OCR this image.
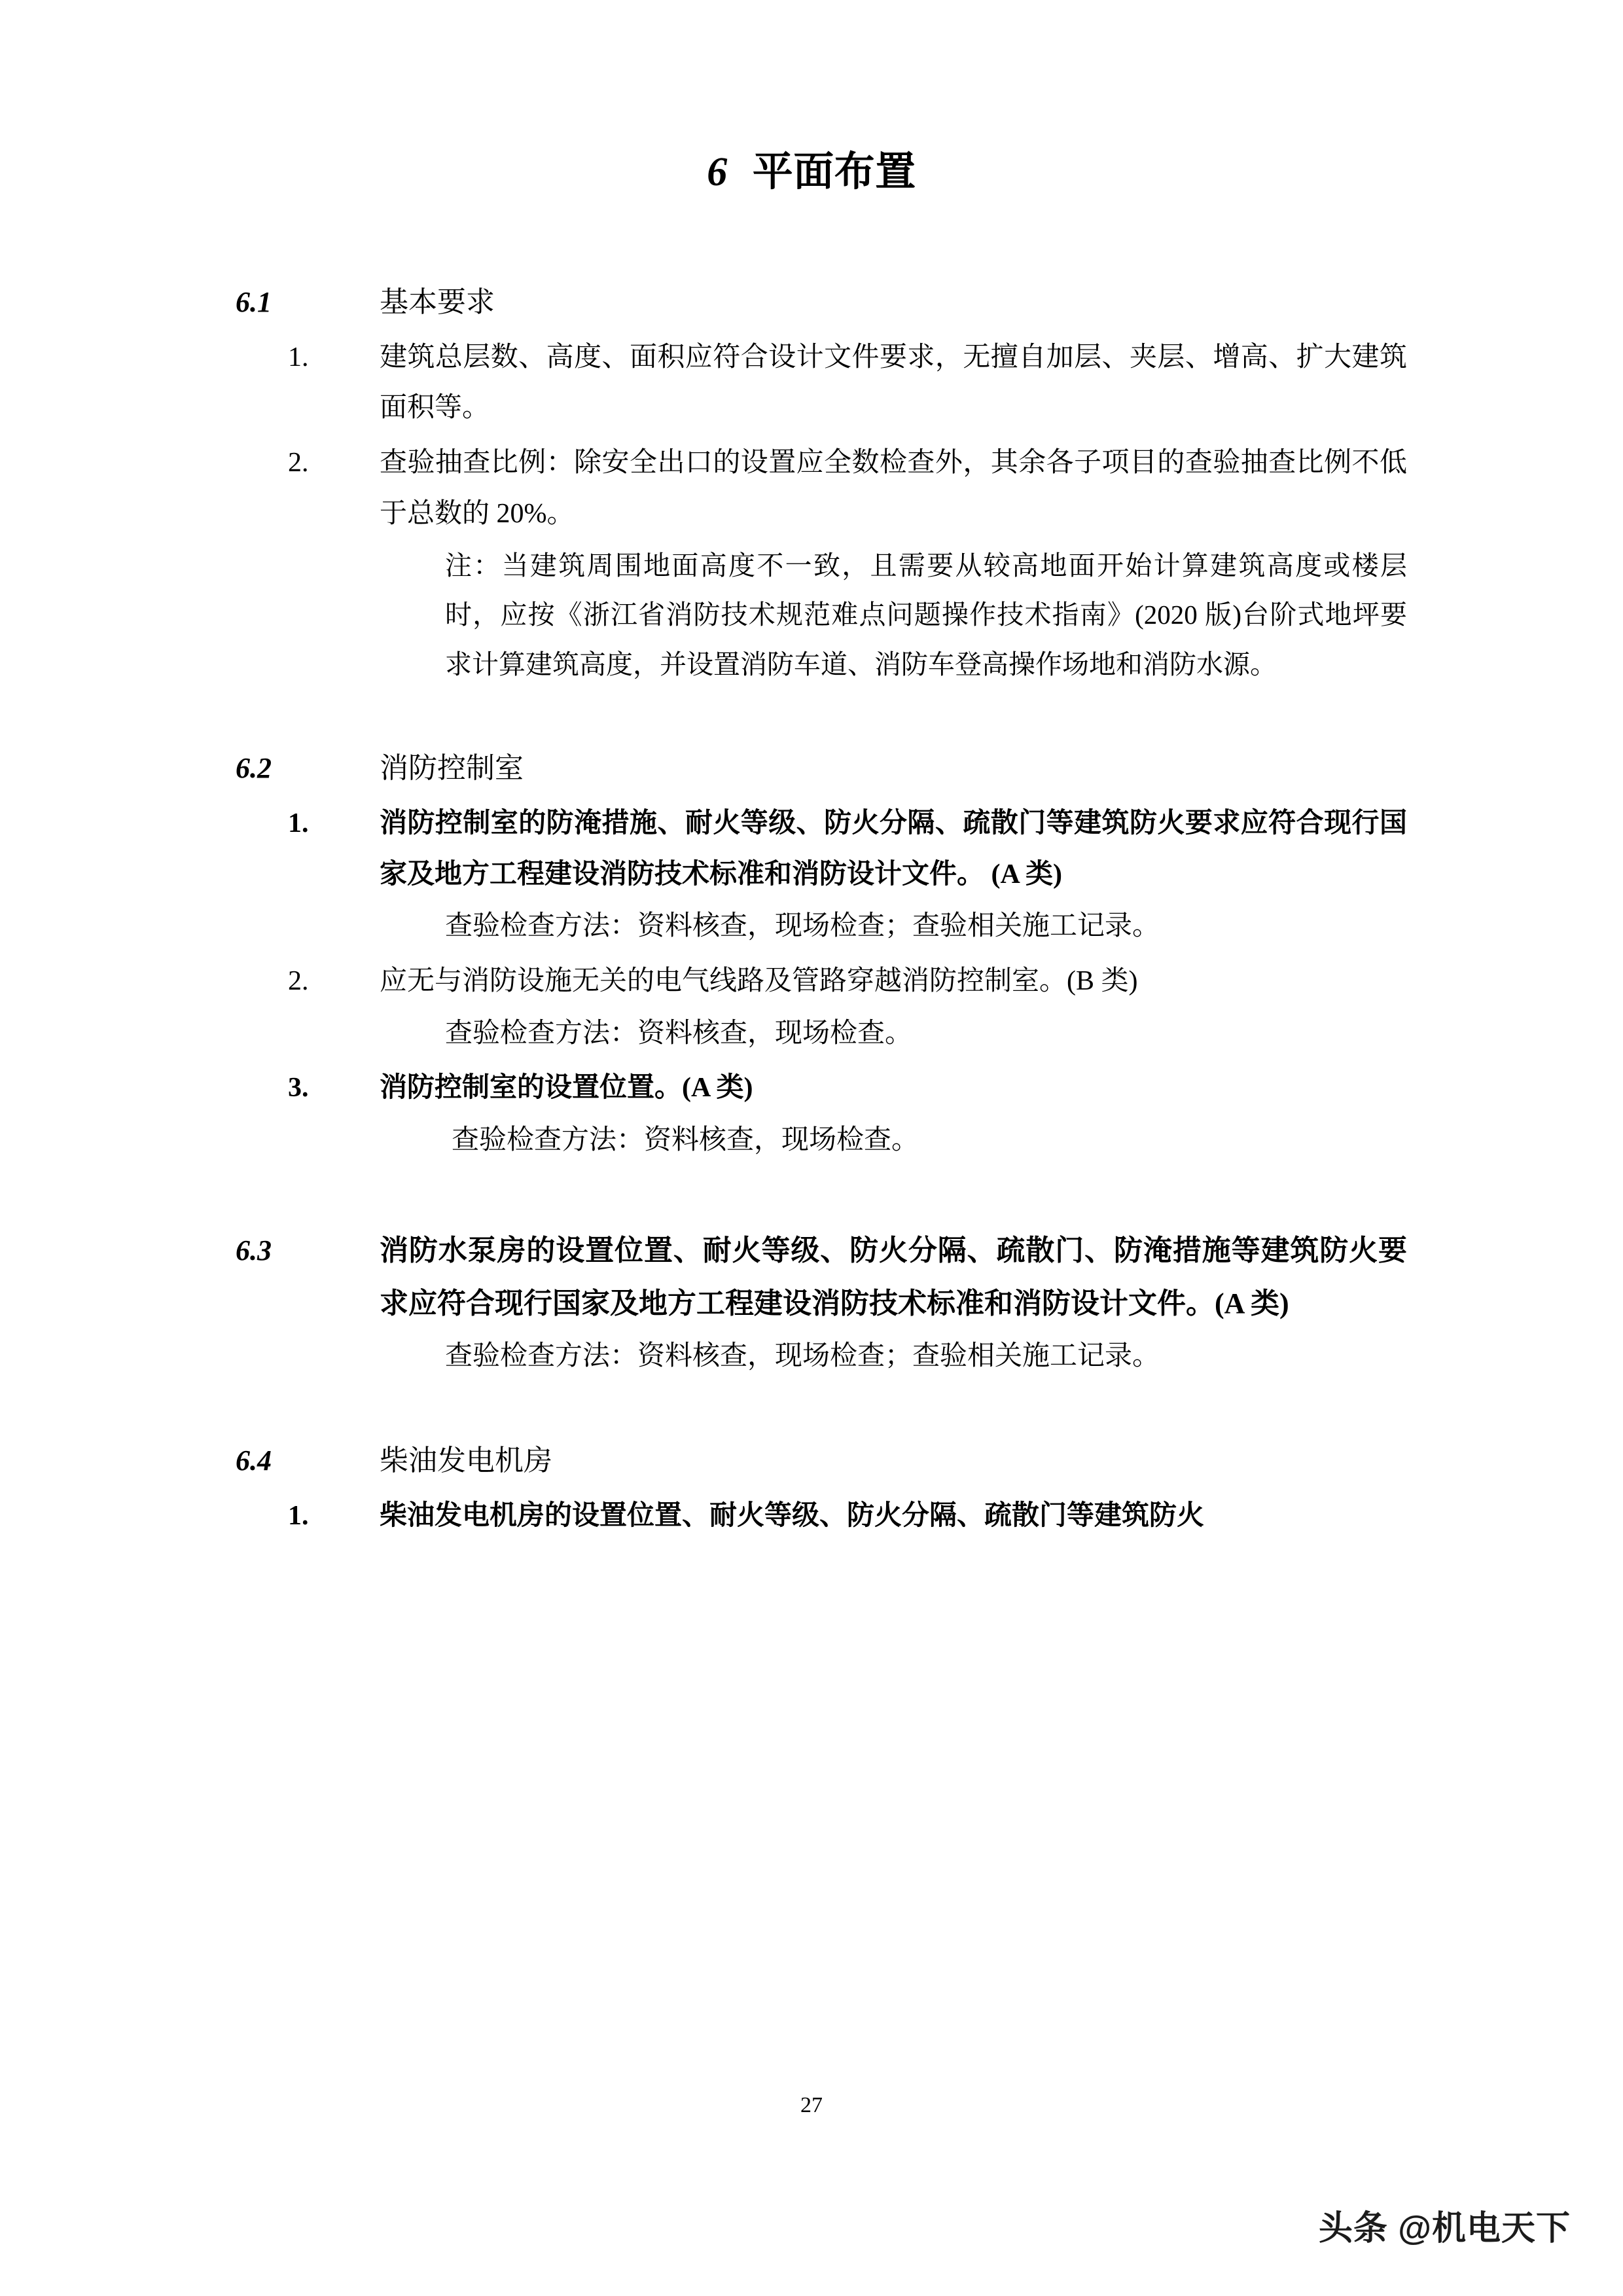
6 平面布置
6.1	基本要求
1.	建筑总层数、高度、面积应符合设计文件要求，无擅自加层、夹层、增高、扩大建筑面积等。
2.	查验抽查比例：除安全出口的设置应全数检查外，其余各子项目的查验抽查比例不低于总数的 20%。
注：当建筑周围地面高度不一致，且需要从较高地面开始计算建筑高度或楼层时，应按《浙江省消防技术规范难点问题操作技术指南》(2020 版)台阶式地坪要求计算建筑高度，并设置消防车道、消防车登高操作场地和消防水源。
6.2	消防控制室
1.	消防控制室的防淹措施、耐火等级、防火分隔、疏散门等建筑防火要求应符合现行国家及地方工程建设消防技术标准和消防设计文件。 (A 类)
查验检查方法：资料核查，现场检查；查验相关施工记录。
2.	应无与消防设施无关的电气线路及管路穿越消防控制室。(B 类)
查验检查方法：资料核查，现场检查。
3.	消防控制室的设置位置。(A 类)
查验检查方法：资料核查，现场检查。
6.3	消防水泵房的设置位置、耐火等级、防火分隔、疏散门、防淹措施等建筑防火要求应符合现行国家及地方工程建设消防技术标准和消防设计文件。(A 类)
查验检查方法：资料核查，现场检查；查验相关施工记录。
6.4	柴油发电机房
1.	柴油发电机房的设置位置、耐火等级、防火分隔、疏散门等建筑防火
27
头条 @机电天下
